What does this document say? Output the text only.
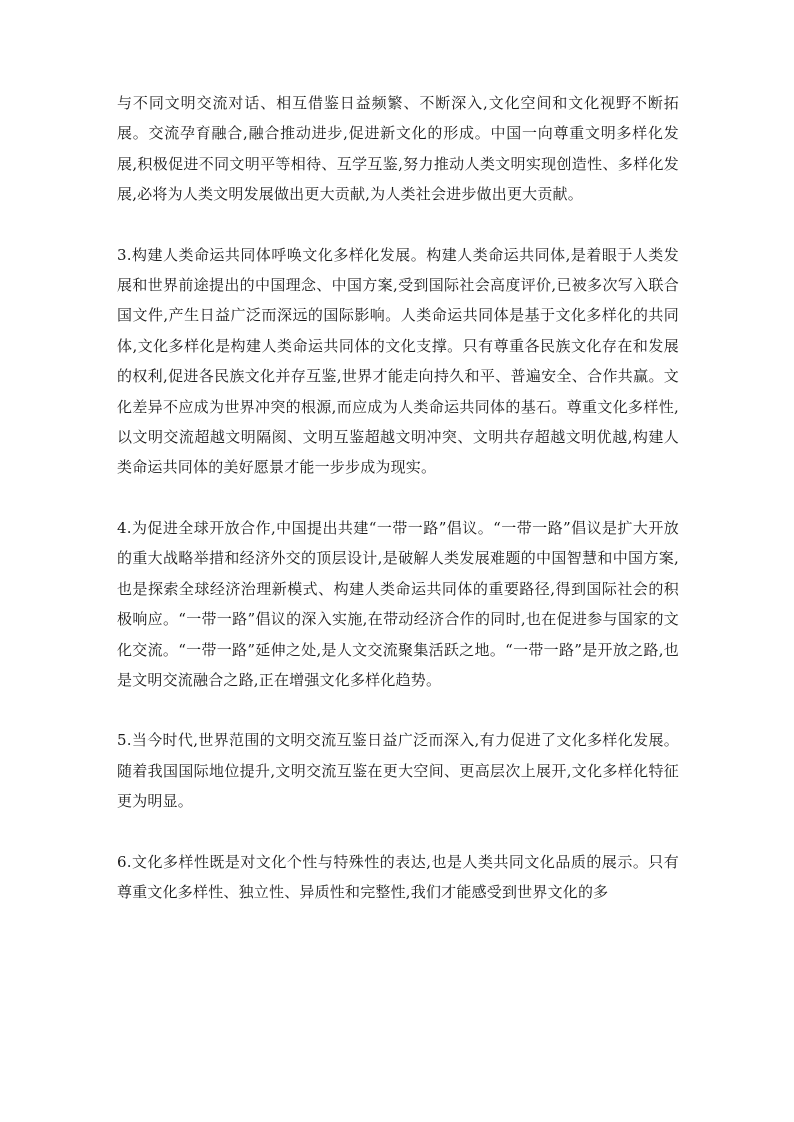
与不同文明交流对话、相互借鉴日益频繁、不断深入,文化空间和文化视野不断拓展。交流孕育融合,融合推动进步,促进新文化的形成。中国一向尊重文明多样化发展,积极促进不同文明平等相待、互学互鉴,努力推动人类文明实现创造性、多样化发展,必将为人类文明发展做出更大贡献,为人类社会进步做出更大贡献。

3.构建人类命运共同体呼唤文化多样化发展。构建人类命运共同体,是着眼于人类发展和世界前途提出的中国理念、中国方案,受到国际社会高度评价,已被多次写入联合国文件,产生日益广泛而深远的国际影响。人类命运共同体是基于文化多样化的共同体,文化多样化是构建人类命运共同体的文化支撑。只有尊重各民族文化存在和发展的权利,促进各民族文化并存互鉴,世界才能走向持久和平、普遍安全、合作共赢。文化差异不应成为世界冲突的根源,而应成为人类命运共同体的基石。尊重文化多样性,以文明交流超越文明隔阂、文明互鉴超越文明冲突、文明共存超越文明优越,构建人类命运共同体的美好愿景才能一步步成为现实。

4.为促进全球开放合作,中国提出共建“一带一路”倡议。“一带一路”倡议是扩大开放的重大战略举措和经济外交的顶层设计,是破解人类发展难题的中国智慧和中国方案,也是探索全球经济治理新模式、构建人类命运共同体的重要路径,得到国际社会的积极响应。“一带一路”倡议的深入实施,在带动经济合作的同时,也在促进参与国家的文化交流。“一带一路”延伸之处,是人文交流聚集活跃之地。“一带一路”是开放之路,也是文明交流融合之路,正在增强文化多样化趋势。

5.当今时代,世界范围的文明交流互鉴日益广泛而深入,有力促进了文化多样化发展。随着我国国际地位提升,文明交流互鉴在更大空间、更高层次上展开,文化多样化特征更为明显。

6.文化多样性既是对文化个性与特殊性的表达,也是人类共同文化品质的展示。只有尊重文化多样性、独立性、异质性和完整性,我们才能感受到世界文化的多
